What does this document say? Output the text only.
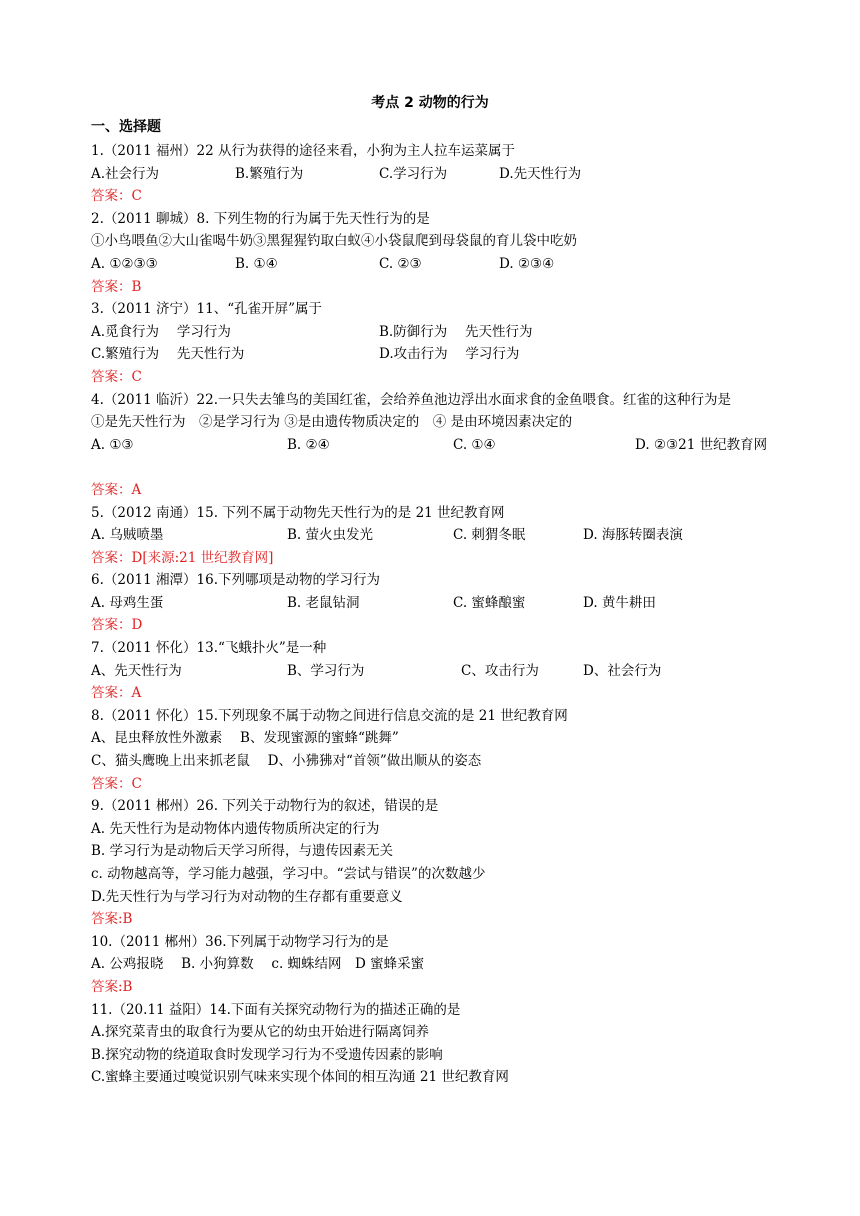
考点 2 动物的行为
一、选择题
1.（2011 福州）22 从行为获得的途径来看，小狗为主人拉车运菜属于
A.社会行为	B.繁殖行为	C.学习行为	D.先天性行为
答案：C
2.（2011 聊城）8. 下列生物的行为属于先天性行为的是
①小鸟喂鱼②大山雀喝牛奶③黑猩猩钓取白蚁④小袋鼠爬到母袋鼠的育儿袋中吃奶
A. ①②③③	B. ①④	C. ②③	D. ②③④
答案：B
3.（2011 济宁）11、“孔雀开屏”属于
A.觅食行为　 学习行为	B.防御行为　 先天性行为
C.繁殖行为　 先天性行为	D.攻击行为　 学习行为
答案：C
4.（2011 临沂）22.一只失去雏鸟的美国红雀，会给养鱼池边浮出水面求食的金鱼喂食。红雀的这种行为是
①是先天性行为　②是学习行为 ③是由遗传物质决定的　④ 是由环境因素决定的
A. ①③	B. ②④	C. ①④	D. ②③21 世纪教育网
答案：A
5.（2012 南通）15. 下列不属于动物先天性行为的是 21 世纪教育网
A. 乌贼喷墨	B. 萤火虫发光	C. 刺猬冬眠	D. 海豚转圈表演
答案：D[来源:21 世纪教育网]
6.（2011 湘潭）16.下列哪项是动物的学习行为
A. 母鸡生蛋	B. 老鼠钻洞	C. 蜜蜂酿蜜	D. 黄牛耕田
答案：D
7.（2011 怀化）13.“飞蛾扑火”是一种
A、先天性行为	B、学习行为	C、攻击行为	D、社会行为
答案：A
8.（2011 怀化）15.下列现象不属于动物之间进行信息交流的是 21 世纪教育网
A、昆虫释放性外激素　 B、发现蜜源的蜜蜂“跳舞”
C、猫头鹰晚上出来抓老鼠　 D、小狒狒对“首领”做出顺从的姿态
答案：C
9.（2011 郴州）26. 下列关于动物行为的叙述，错误的是
A. 先天性行为是动物体内遗传物质所决定的行为
B. 学习行为是动物后天学习所得，与遗传因素无关
c. 动物越高等，学习能力越强，学习中。“尝试与错误”的次数越少
D.先天性行为与学习行为对动物的生存都有重要意义
答案:B
10.（2011 郴州）36.下列属于动物学习行为的是
A. 公鸡报晓　 B. 小狗算数　 c. 蜘蛛结网　D 蜜蜂采蜜
答案:B
11.（20.11 益阳）14.下面有关探究动物行为的描述正确的是
A.探究菜青虫的取食行为要从它的幼虫开始进行隔离饲养
B.探究动物的绕道取食时发现学习行为不受遗传因素的影响
C.蜜蜂主要通过嗅觉识别气味来实现个体间的相互沟通 21 世纪教育网
